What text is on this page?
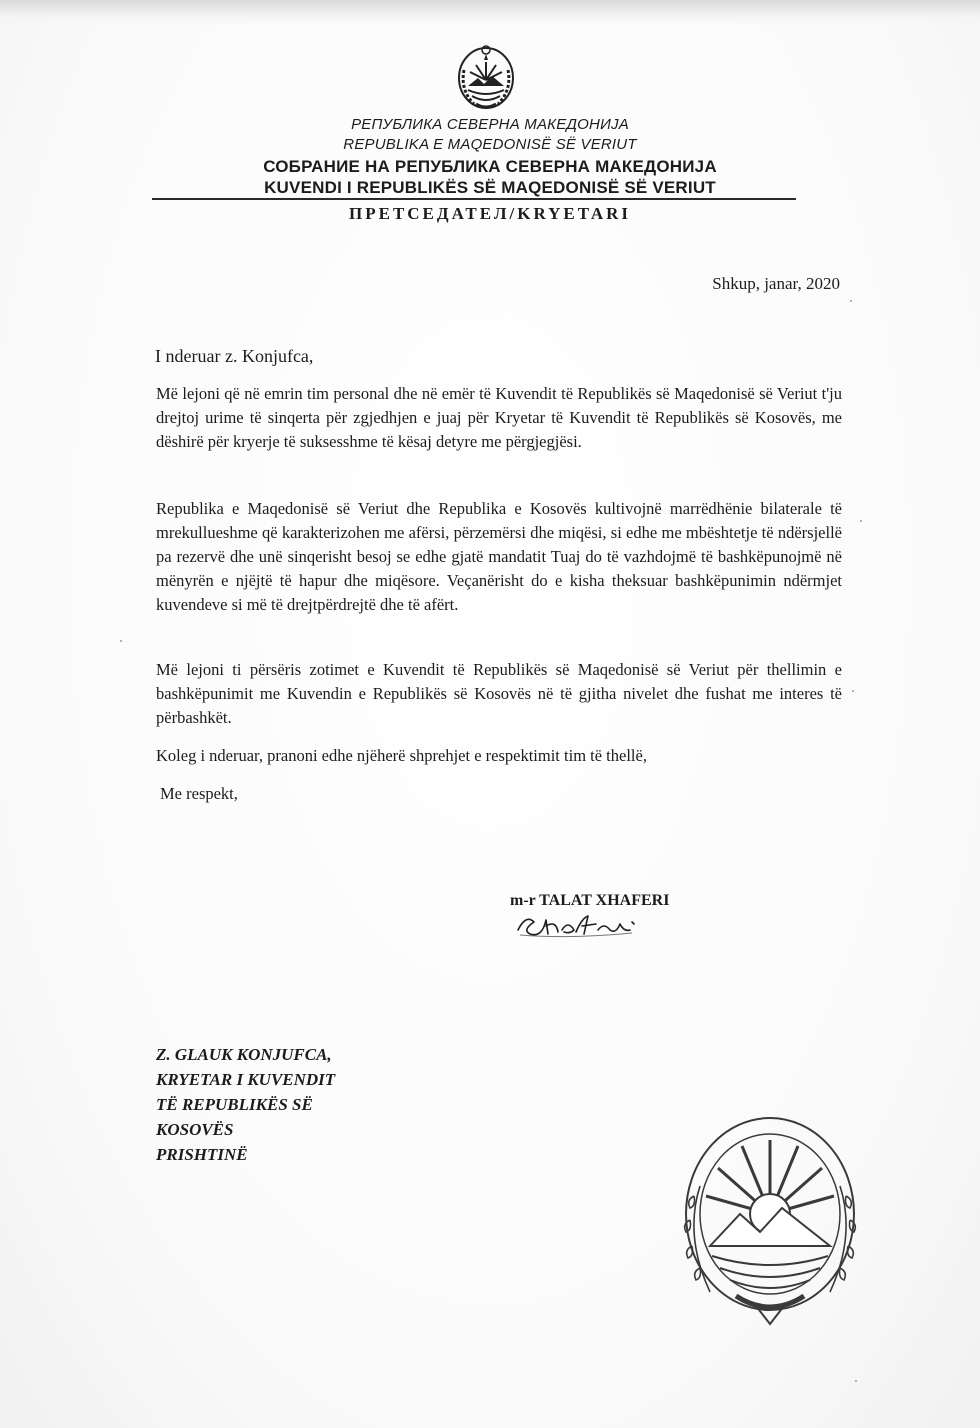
РЕПУБЛИКА СЕВЕРНА МАКЕДОНИЈА
REPUBLIKA E MAQEDONISË SË VERIUT
СОБРАНИЕ НА РЕПУБЛИКА СЕВЕРНА МАКЕДОНИЈА
KUVENDI I REPUBLIKËS SË MAQEDONISË SË VERIUT
ПРЕТСЕДАТЕЛ/KRYETARI
Shkup, janar, 2020
I nderuar z. Konjufca,
Më lejoni që në emrin tim personal dhe në emër të Kuvendit të Republikës së Maqedonisë së Veriut t'ju drejtoj urime të sinqerta për zgjedhjen e juaj për Kryetar të Kuvendit të Republikës së Kosovës, me dëshirë për kryerje të suksesshme të kësaj detyre me përgjegjësi.
Republika e Maqedonisë së Veriut dhe Republika e Kosovës kultivojnë marrëdhënie bilaterale të mrekullueshme që karakterizohen me afërsi, përzemërsi dhe miqësi, si edhe me mbështetje të ndërsjellë pa rezervë dhe unë sinqerisht besoj se edhe gjatë mandatit Tuaj do të vazhdojmë të bashkëpunojmë në mënyrën e njëjtë të hapur dhe miqësore. Veçanërisht do e kisha theksuar bashkëpunimin ndërmjet kuvendeve si më të drejtpërdrejtë dhe të afërt.
Më lejoni ti përsëris zotimet e Kuvendit të Republikës së Maqedonisë së Veriut për thellimin e bashkëpunimit me Kuvendin e Republikës së Kosovës në të gjitha nivelet dhe fushat me interes të përbashkët.
Koleg i nderuar, pranoni edhe njëherë shprehjet e respektimit tim të thellë,
Me respekt,
m-r TALAT XHAFERI
Z. GLAUK KONJUFCA,
KRYETAR I KUVENDIT
TË REPUBLIKËS SË
KOSOVËS
PRISHTINË
